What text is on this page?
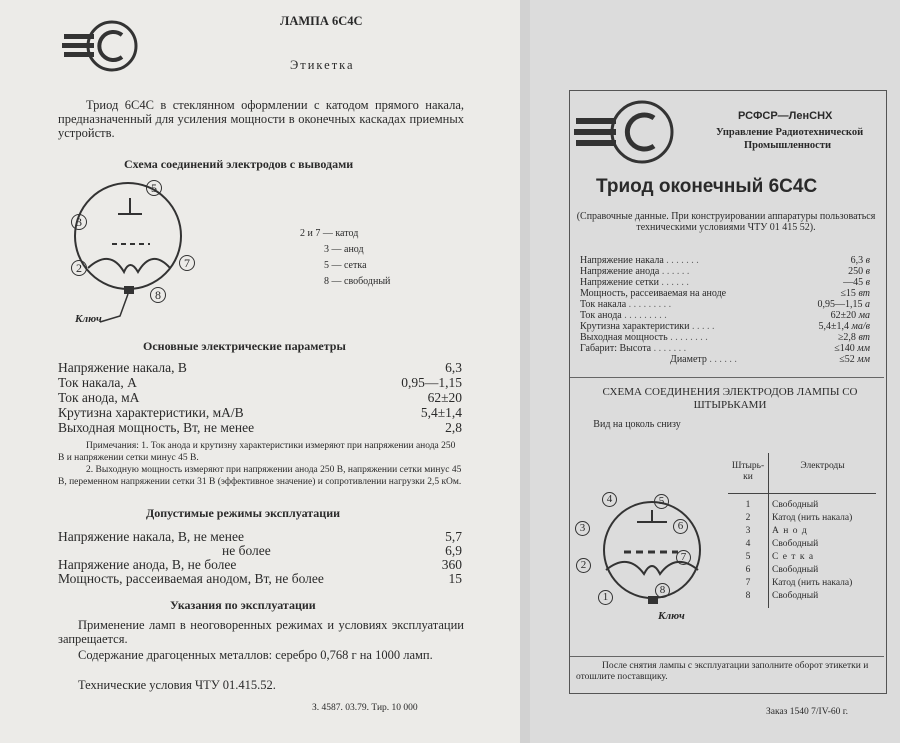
ЛАМПА 6С4С
Этикетка
Триод 6С4С в стеклянном оформлении с катодом прямого накала, предназначенный для усиления мощности в оконечных каскадах приемных устройств.
Схема соединений электродов с выводами
5
3
2	7
8
Ключ
2 и 7 — катод
3 — анод
5 — сетка
8 — свободный
Основные электрические параметры
Напряжение накала, В	6,3
Ток накала, А	0,95—1,15
Ток анода, мА	62±20
Крутизна характеристики, мА/В	5,4±1,4
Выходная мощность, Вт, не менее	2,8
Примечания: 1. Ток анода и крутизну характеристики измеряют при напряжении анода 250 В и напряжении сетки минус 45 В.
2. Выходную мощность измеряют при напряжении анода 250 В, напряжении сетки минус 45 В, переменном напряжении сетки 31 В (эффективное значение) и сопротивлении нагрузки 2,5 кОм.
Допустимые режимы эксплуатации
Напряжение накала, В, не менее	5,7
не более	6,9
Напряжение анода, В, не более	360
Мощность, рассеиваемая анодом, Вт, не более	15
Указания по эксплуатации
Применение ламп в неоговоренных режимах и условиях эксплуатации запрещается.
Содержание драгоценных металлов: серебро 0,768 г на 1000 ламп.
Технические условия ЧТУ 01.415.52.
З. 4587. 03.79. Тир. 10 000
РСФСР—ЛенСНХ
Управление Радиотехнической
Промышленности
Триод оконечный 6С4С
(Справочные данные. При конструировании аппаратуры пользоваться техническими условиями ЧТУ 01 415 52).
Напряжение накала . . . . . . .	6,3 в
Напряжение анода . . . . . .	250 в
Напряжение сетки . . . . . .	—45 в
Мощность, рассеиваемая на аноде	≤15 вт
Ток накала . . . . . . . . .	0,95—1,15 а
Ток анода . . . . . . . . .	62±20 ма
Крутизна характеристики . . . . .	5,4±1,4 ма/в
Выходная мощность . . . . . . . .	≥2,8 вт
Габарит: Высота . . . . . . .	≤140 мм
Диаметр . . . . . .	≤52 мм
СХЕМА СОЕДИНЕНИЯ ЭЛЕКТРОДОВ ЛАМПЫ СО ШТЫРЬКАМИ
Вид на цоколь снизу
4	5
3	6
2
7
1
8
Ключ
Штырь-ки	Электроды
1	Свободный
2	Катод (нить накала)
3	А н о д
4	Свободный
5	С е т к а
6	Свободный
7	Катод (нить накала)
8	Свободный
После снятия лампы с эксплуатации заполните оборот этикетки и отошлите поставщику.
Заказ 1540 7/IV-60 г.
